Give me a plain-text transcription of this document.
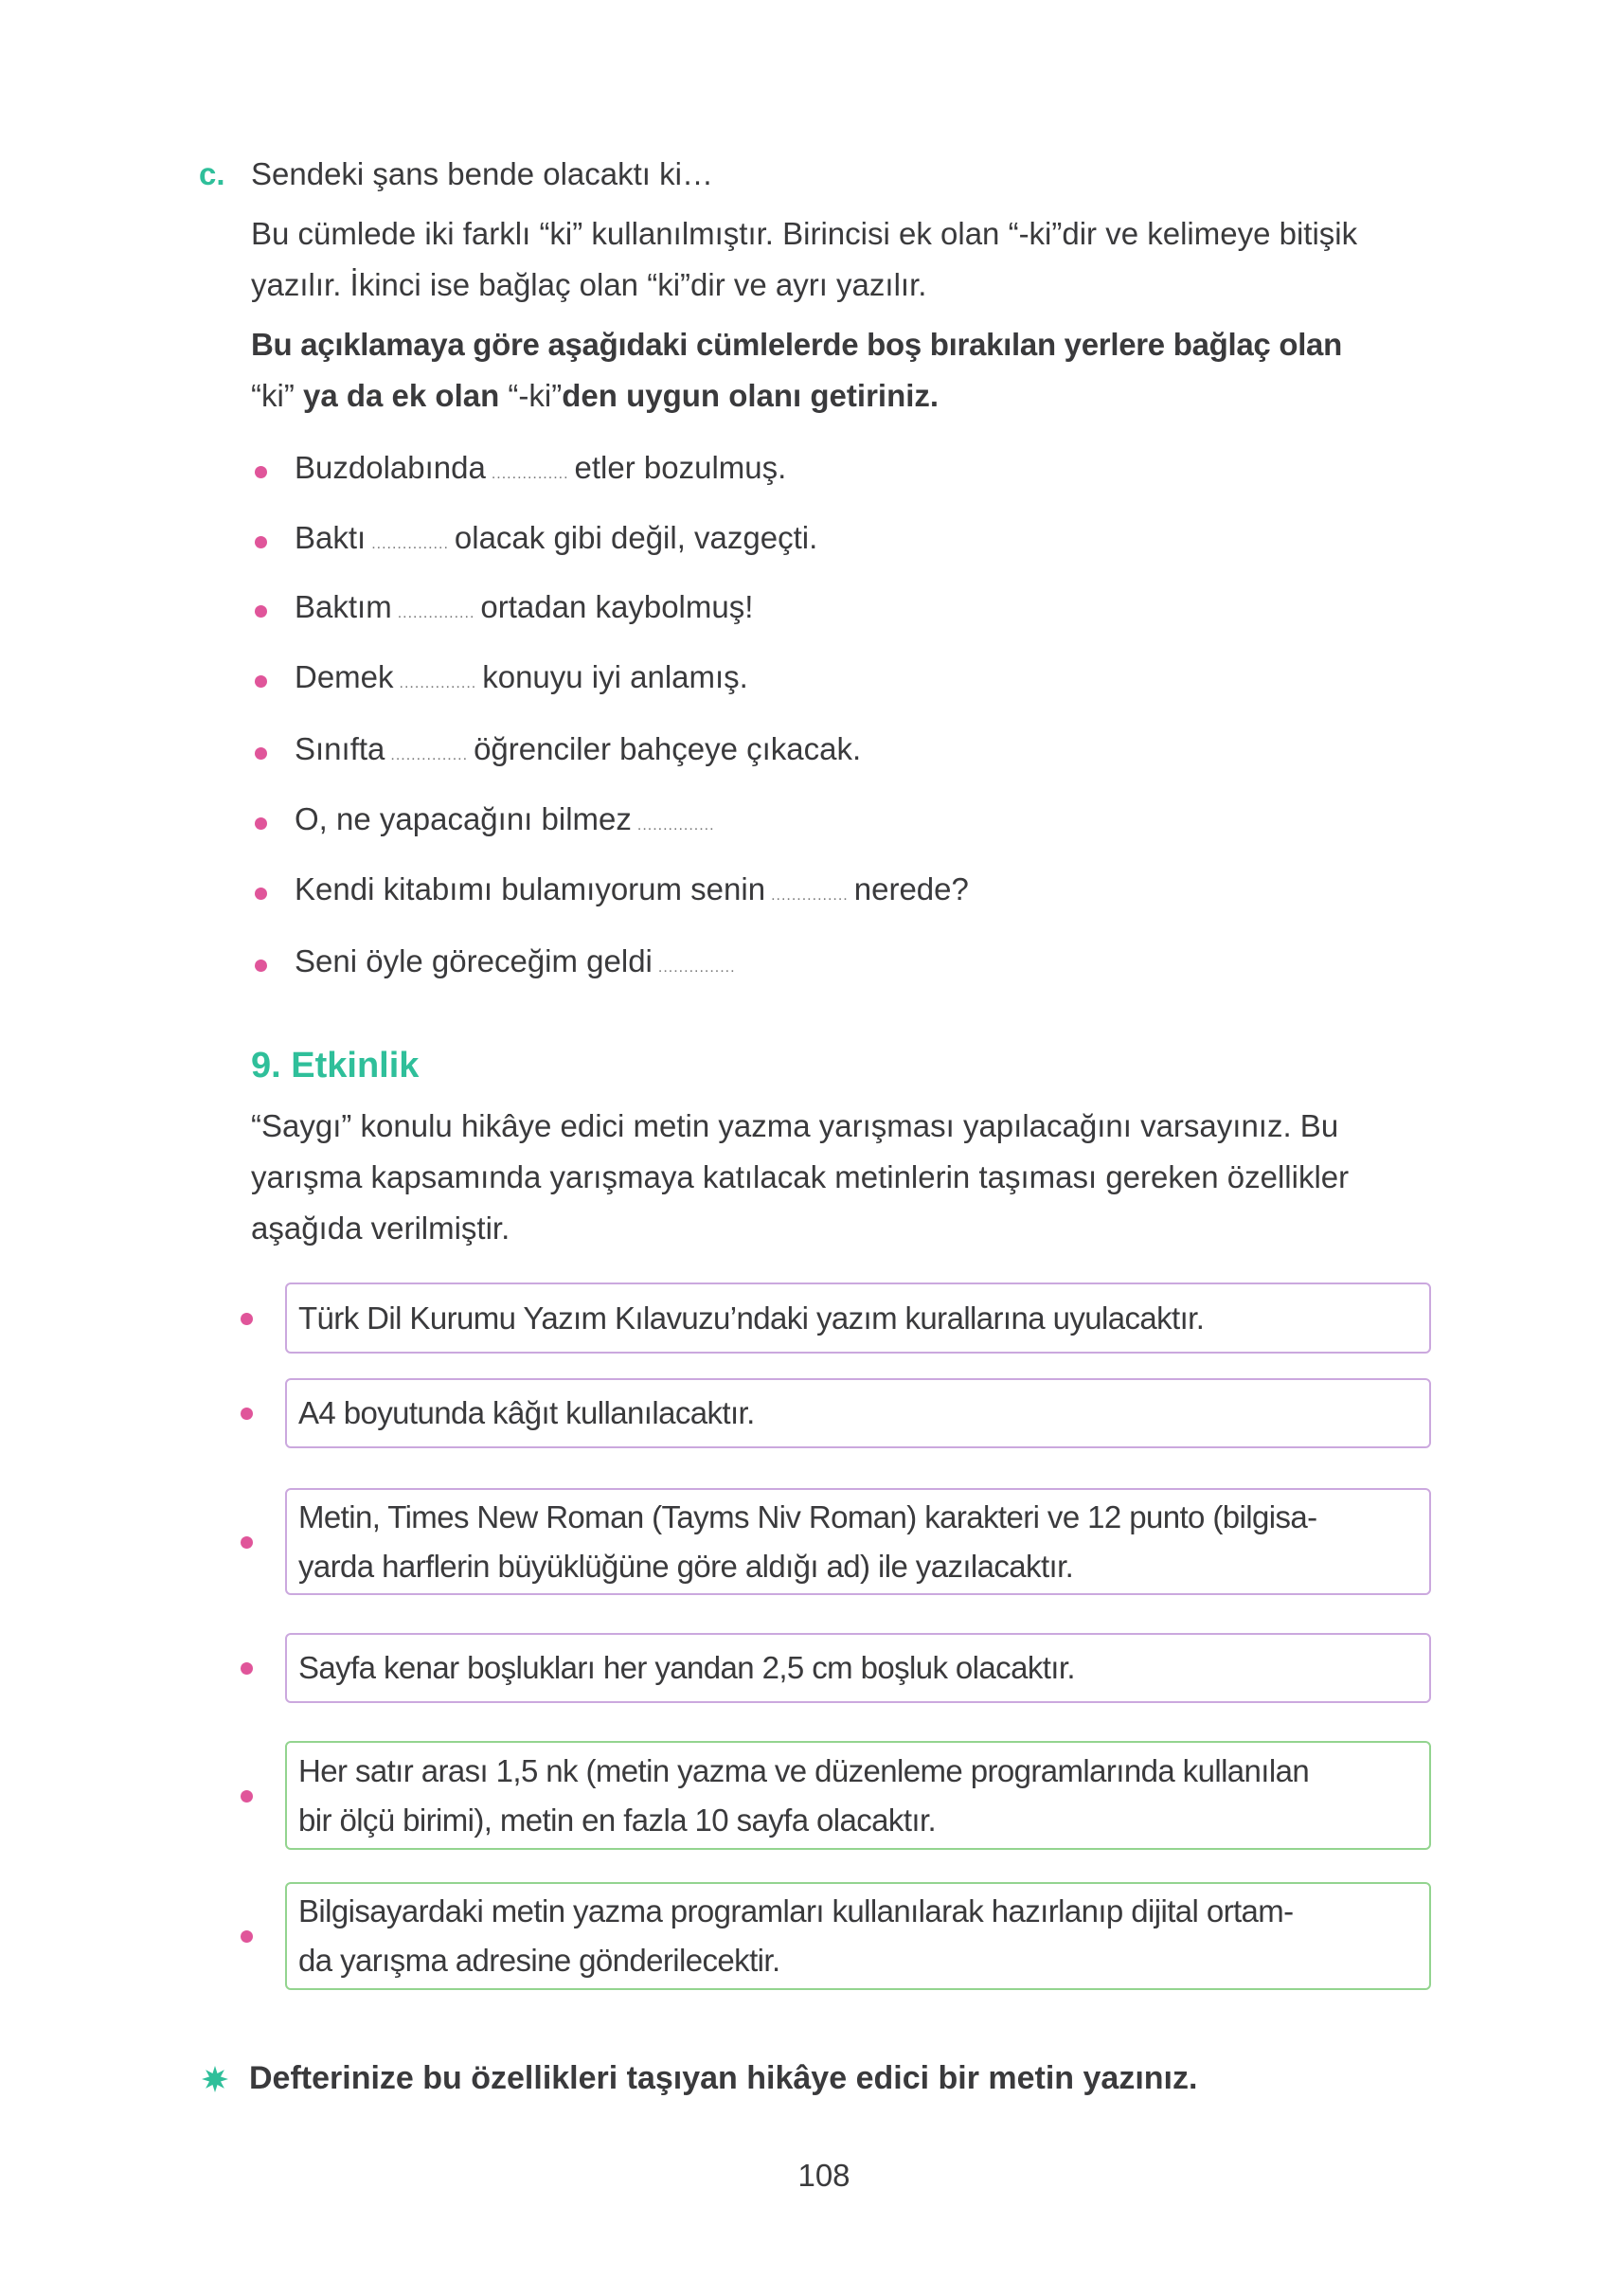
c. Sendeki şans bende olacaktı ki…
Bu cümlede iki farklı “ki” kullanılmıştır. Birincisi ek olan “-ki”dir ve kelimeye bitişik
yazılır. İkinci ise bağlaç olan “ki”dir ve ayrı yazılır.
Bu açıklamaya göre aşağıdaki cümlelerde boş bırakılan yerlere bağlaç olan
“ki” ya da ek olan “-ki”den uygun olanı getiriniz.
Buzdolabında ............... etler bozulmuş.
Baktı ............... olacak gibi değil, vazgeçti.
Baktım ............... ortadan kaybolmuş!
Demek ............... konuyu iyi anlamış.
Sınıfta ............... öğrenciler bahçeye çıkacak.
O, ne yapacağını bilmez ...............
Kendi kitabımı bulamıyorum senin ............... nerede?
Seni öyle göreceğim geldi ...............
9. Etkinlik
“Saygı” konulu hikâye edici metin yazma yarışması yapılacağını varsayınız. Bu
yarışma kapsamında yarışmaya katılacak metinlerin taşıması gereken özellikler
aşağıda verilmiştir.
Türk Dil Kurumu Yazım Kılavuzu’ndaki yazım kurallarına uyulacaktır.
A4 boyutunda kâğıt kullanılacaktır.
Metin, Times New Roman (Tayms Niv Roman) karakteri ve 12 punto (bilgisa-
yarda harflerin büyüklüğüne göre aldığı ad) ile yazılacaktır.
Sayfa kenar boşlukları her yandan 2,5 cm boşluk olacaktır.
Her satır arası 1,5 nk (metin yazma ve düzenleme programlarında kullanılan
bir ölçü birimi), metin en fazla 10 sayfa olacaktır.
Bilgisayardaki metin yazma programları kullanılarak hazırlanıp dijital ortam-
da yarışma adresine gönderilecektir.
Defterinize bu özellikleri taşıyan hikâye edici bir metin yazınız.
108
